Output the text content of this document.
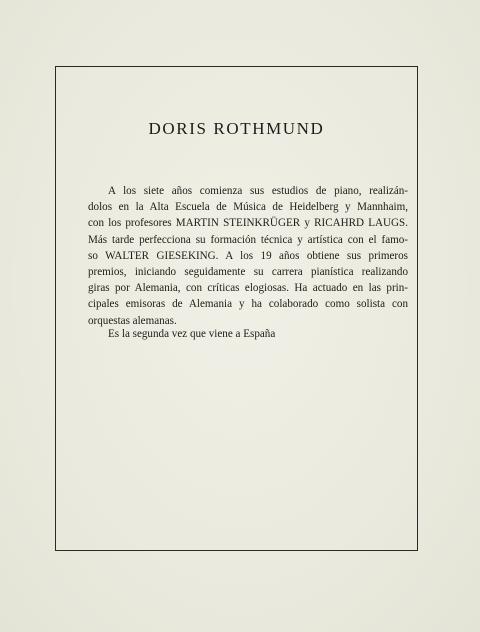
DORIS ROTHMUND

A los siete años comienza sus estudios de piano, realizán-
dolos en la Alta Escuela de Música de Heidelberg y Mannhaim,
con los profesores MARTIN STEINKRÜGER y RICAHRD LAUGS.
Más tarde perfecciona su formación técnica y artística con el famo-
so WALTER GIESEKING. A los 19 años obtiene sus primeros
premios, iniciando seguidamente su carrera pianística realizando
giras por Alemania, con críticas elogiosas. Ha actuado en las prin-
cipales emisoras de Alemania y ha colaborado como solista con
orquestas alemanas.

Es la segunda vez que viene a España
